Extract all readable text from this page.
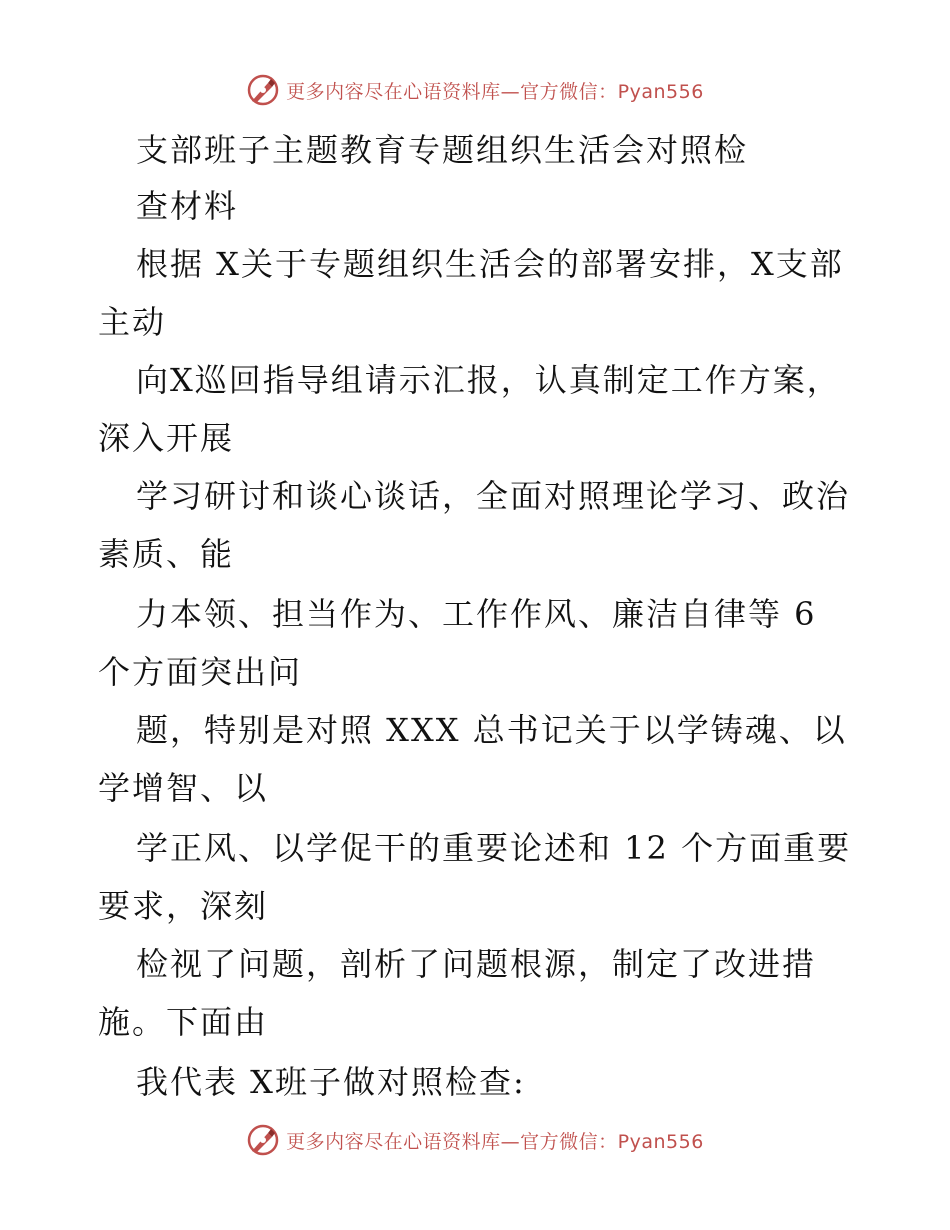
更多内容尽在心语资料库—官方微信：Pyan556
支部班子主题教育专题组织生活会对照检
查材料
根据 X关于专题组织生活会的部署安排，X支部
主动
向X巡回指导组请示汇报，认真制定工作方案，
深入开展
学习研讨和谈心谈话，全面对照理论学习、政治
素质、能
力本领、担当作为、工作作风、廉洁自律等 6
个方面突出问
题，特别是对照 XXX 总书记关于以学铸魂、以
学增智、以
学正风、以学促干的重要论述和 12 个方面重要
要求，深刻
检视了问题，剖析了问题根源，制定了改进措
施。下面由
我代表 X班子做对照检查:
更多内容尽在心语资料库—官方微信：Pyan556
